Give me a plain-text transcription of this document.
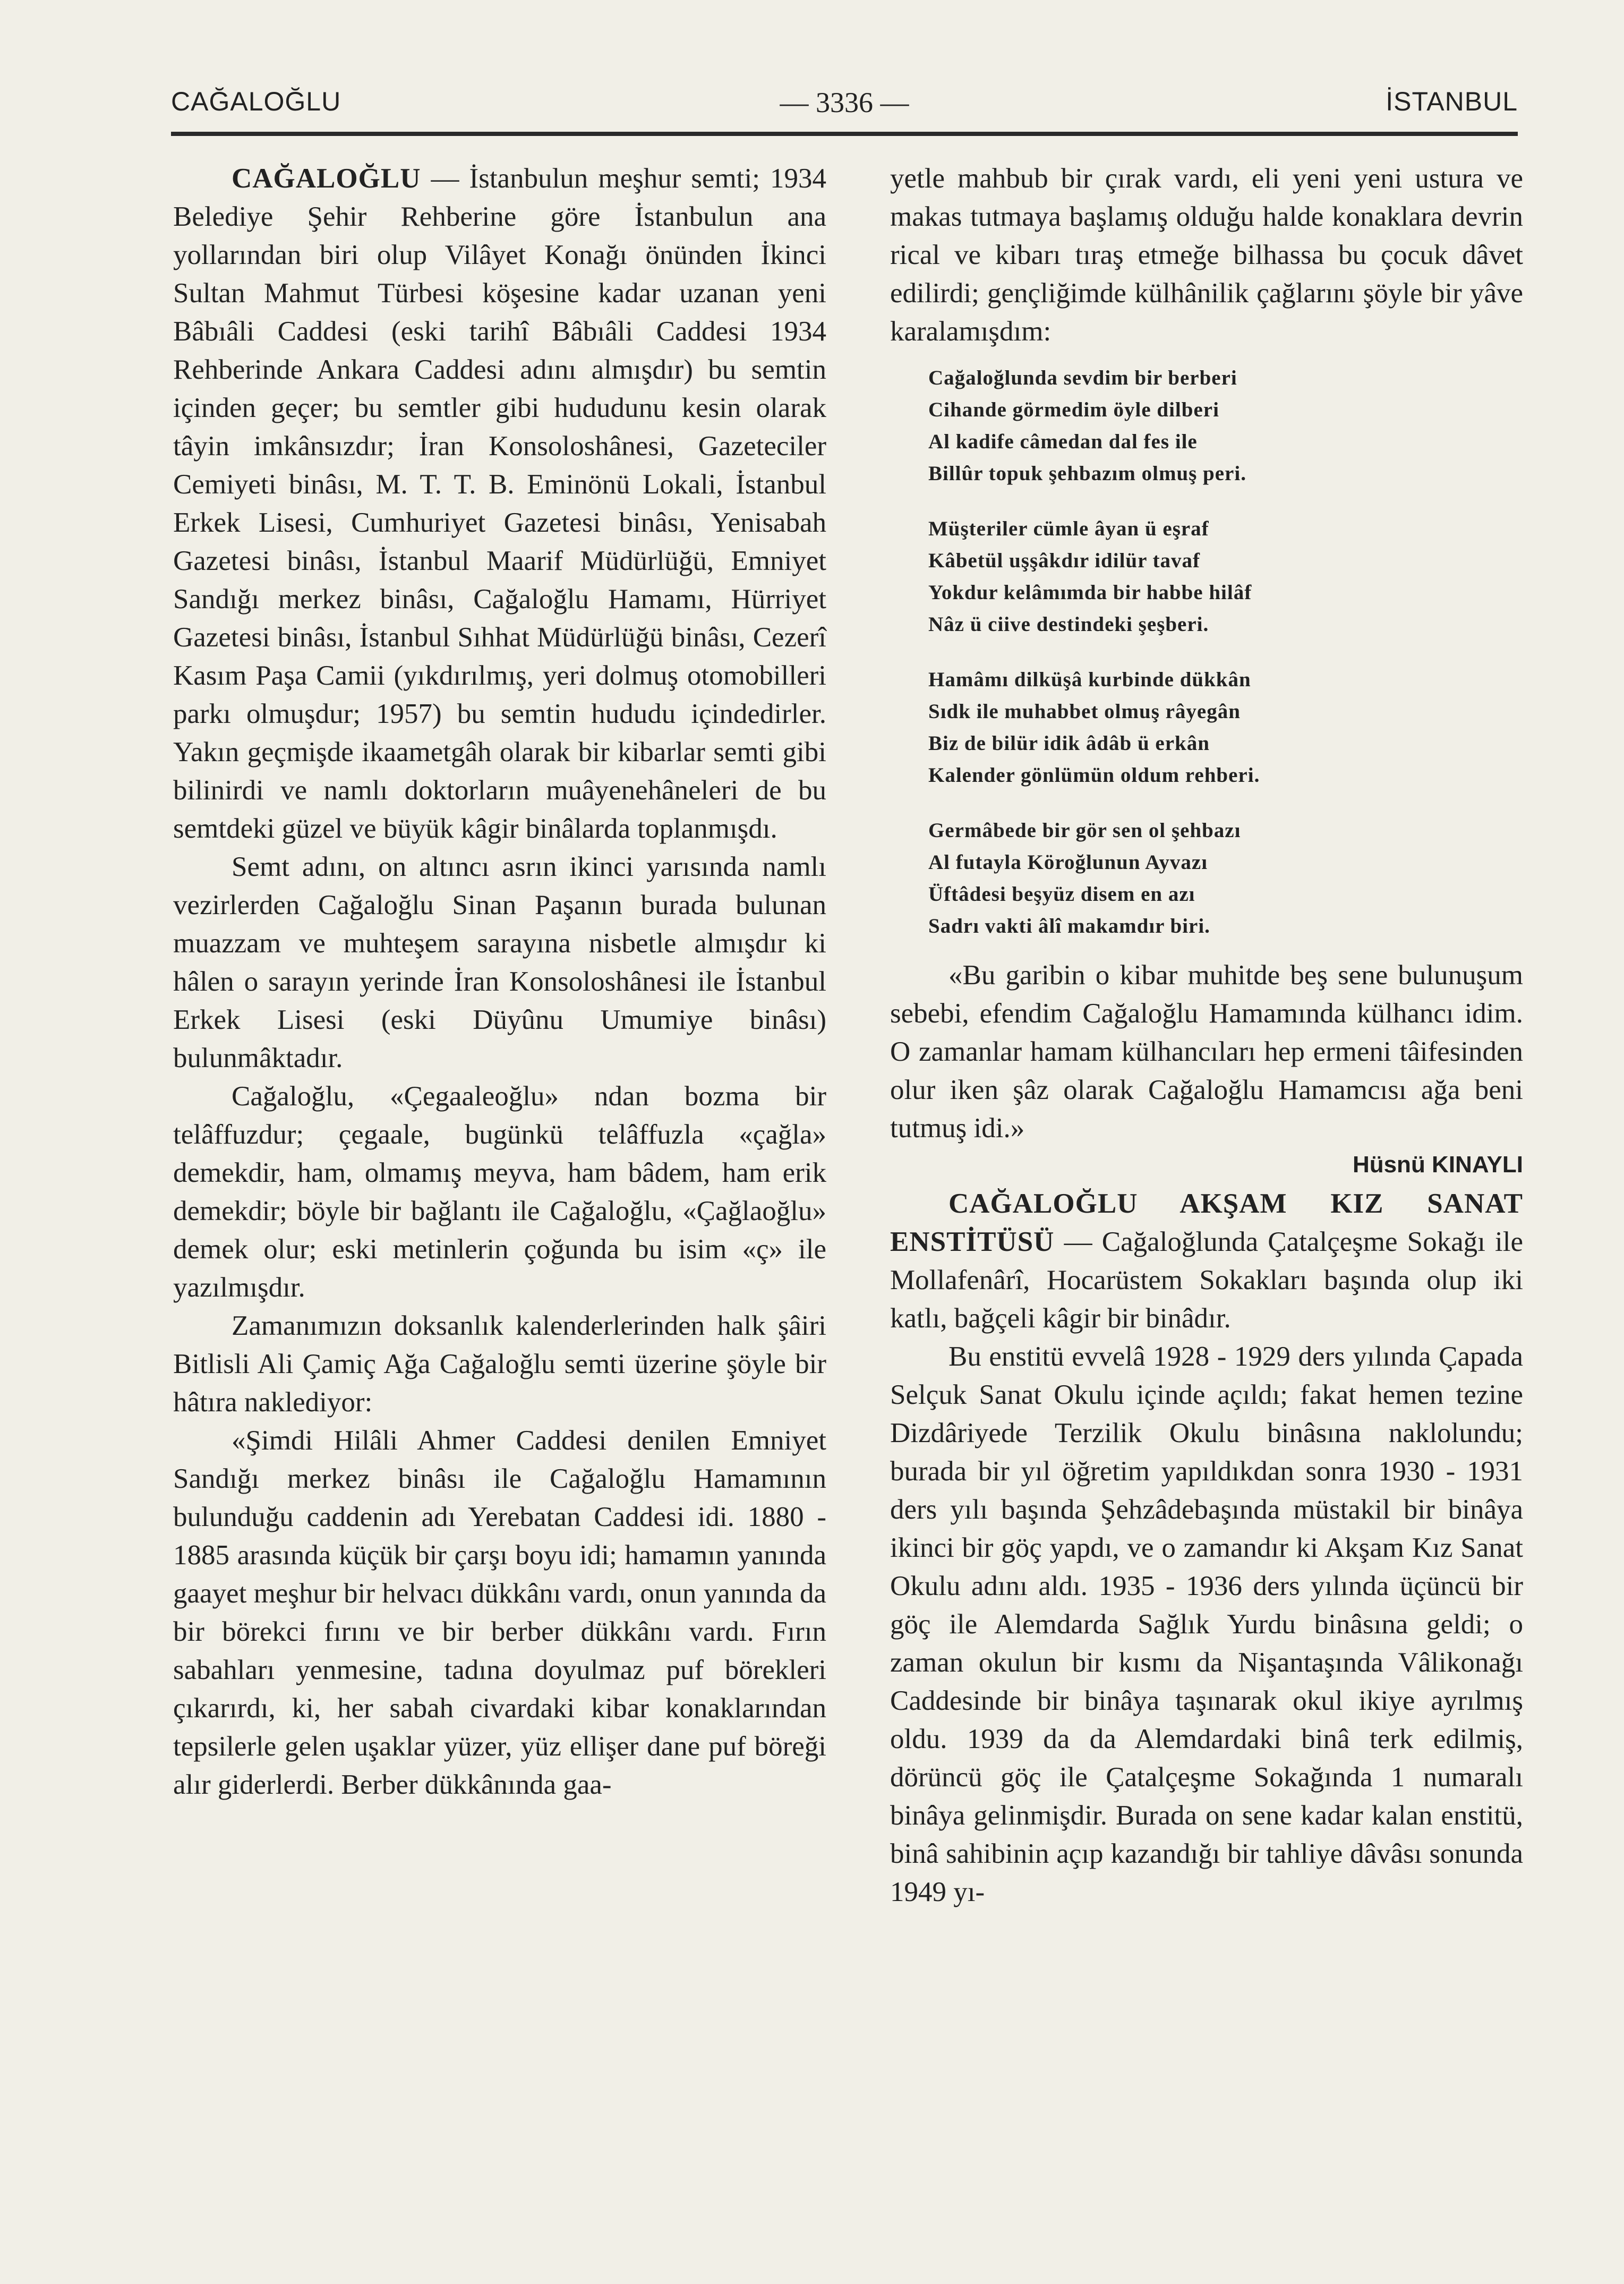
CAĞALOĞLU	— 3336 —	İSTANBUL

CAĞALOĞLU — İstanbulun meşhur semti; 1934 Belediye Şehir Rehberine göre İstanbulun ana yollarından biri olup Vilâyet Konağı önünden İkinci Sultan Mahmut Türbesi köşesine kadar uzanan yeni Bâbıâli Caddesi (eski tarihî Bâbıâli Caddesi 1934 Rehberinde Ankara Caddesi adını almışdır) bu semtin içinden geçer; bu semtler gibi hududunu kesin olarak tâyin imkânsızdır; İran Konsoloshânesi, Gazeteciler Cemiyeti binâsı, M. T. T. B. Eminönü Lokali, İstanbul Erkek Lisesi, Cumhuriyet Gazetesi binâsı, Yenisabah Gazetesi binâsı, İstanbul Maarif Müdürlüğü, Emniyet Sandığı merkez binâsı, Cağaloğlu Hamamı, Hürriyet Gazetesi binâsı, İstanbul Sıhhat Müdürlüğü binâsı, Cezerî Kasım Paşa Camii (yıkdırılmış, yeri dolmuş otomobilleri parkı olmuşdur; 1957) bu semtin hududu içindedirler. Yakın geçmişde ikaametgâh olarak bir kibarlar semti gibi bilinirdi ve namlı doktorların muâyenehâneleri de bu semtdeki güzel ve büyük kâgir binâlarda toplanmışdı.

Semt adını, on altıncı asrın ikinci yarısında namlı vezirlerden Cağaloğlu Sinan Paşanın burada bulunan muazzam ve muhteşem sarayına nisbetle almışdır ki hâlen o sarayın yerinde İran Konsoloshânesi ile İstanbul Erkek Lisesi (eski Düyûnu Umumiye binâsı) bulunmâktadır.

Cağaloğlu, «Çegaaleoğlu» ndan bozma bir telâffuzdur; çegaale, bugünkü telâffuzla «çağla» demekdir, ham, olmamış meyva, ham bâdem, ham erik demekdir; böyle bir bağlantı ile Cağaloğlu, «Çağlaoğlu» demek olur; eski metinlerin çoğunda bu isim «ç» ile yazılmışdır.

Zamanımızın doksanlık kalenderlerinden halk şâiri Bitlisli Ali Çamiç Ağa Cağaloğlu semti üzerine şöyle bir hâtıra naklediyor:

«Şimdi Hilâli Ahmer Caddesi denilen Emniyet Sandığı merkez binâsı ile Cağaloğlu Hamamının bulunduğu caddenin adı Yerebatan Caddesi idi. 1880 - 1885 arasında küçük bir çarşı boyu idi; hamamın yanında gaayet meşhur bir helvacı dükkânı vardı, onun yanında da bir börekci fırını ve bir berber dükkânı vardı. Fırın sabahları yenmesine, tadına doyulmaz puf börekleri çıkarırdı, ki, her sabah civardaki kibar konaklarından tepsilerle gelen uşaklar yüzer, yüz ellişer dane puf böreği alır giderlerdi. Berber dükkânında gaa-

yetle mahbub bir çırak vardı, eli yeni yeni ustura ve makas tutmaya başlamış olduğu halde konaklara devrin rical ve kibarı tıraş etmeğe bilhassa bu çocuk dâvet edilirdi; gençliğimde külhânilik çağlarını şöyle bir yâve karalamışdım:

Cağaloğlunda sevdim bir berberi

Cihande görmedim öyle dilberi

Al kadife câmedan dal fes ile

Billûr topuk şehbazım olmuş peri.

Müşteriler cümle âyan ü eşraf

Kâbetül uşşâkdır idilür tavaf

Yokdur kelâmımda bir habbe hilâf

Nâz ü ciive destindeki şeşberi.

Hamâmı dilküşâ kurbinde dükkân

Sıdk ile muhabbet olmuş râyegân

Biz de bilür idik âdâb ü erkân

Kalender gönlümün oldum rehberi.

Germâbede bir gör sen ol şehbazı

Al futayla Köroğlunun Ayvazı

Üftâdesi beşyüz disem en azı

Sadrı vakti âlî makamdır biri.

«Bu garibin o kibar muhitde beş sene bulunuşum sebebi, efendim Cağaloğlu Hamamında külhancı idim. O zamanlar hamam külhancıları hep ermeni tâifesinden olur iken şâz olarak Cağaloğlu Hamamcısı ağa beni tutmuş idi.»

Hüsnü KINAYLI

CAĞALOĞLU AKŞAM KIZ SANAT ENSTİTÜSÜ — Cağaloğlunda Çatalçeşme Sokağı ile Mollafenârî, Hocarüstem Sokakları başında olup iki katlı, bağçeli kâgir bir binâdır.

Bu enstitü evvelâ 1928 - 1929 ders yılında Çapada Selçuk Sanat Okulu içinde açıldı; fakat hemen tezine Dizdâriyede Terzilik Okulu binâsına naklolundu; burada bir yıl öğretim yapıldıkdan sonra 1930 - 1931 ders yılı başında Şehzâdebaşında müstakil bir binâya ikinci bir göç yapdı, ve o zamandır ki Akşam Kız Sanat Okulu adını aldı. 1935 - 1936 ders yılında üçüncü bir göç ile Alemdarda Sağlık Yurdu binâsına geldi; o zaman okulun bir kısmı da Nişantaşında Vâlikonağı Caddesinde bir binâya taşınarak okul ikiye ayrılmış oldu. 1939 da da Alemdardaki binâ terk edilmiş, dörüncü göç ile Çatalçeşme Sokağında 1 numaralı binâya gelinmişdir. Burada on sene kadar kalan enstitü, binâ sahibinin açıp kazandığı bir tahliye dâvâsı sonunda 1949 yı-
